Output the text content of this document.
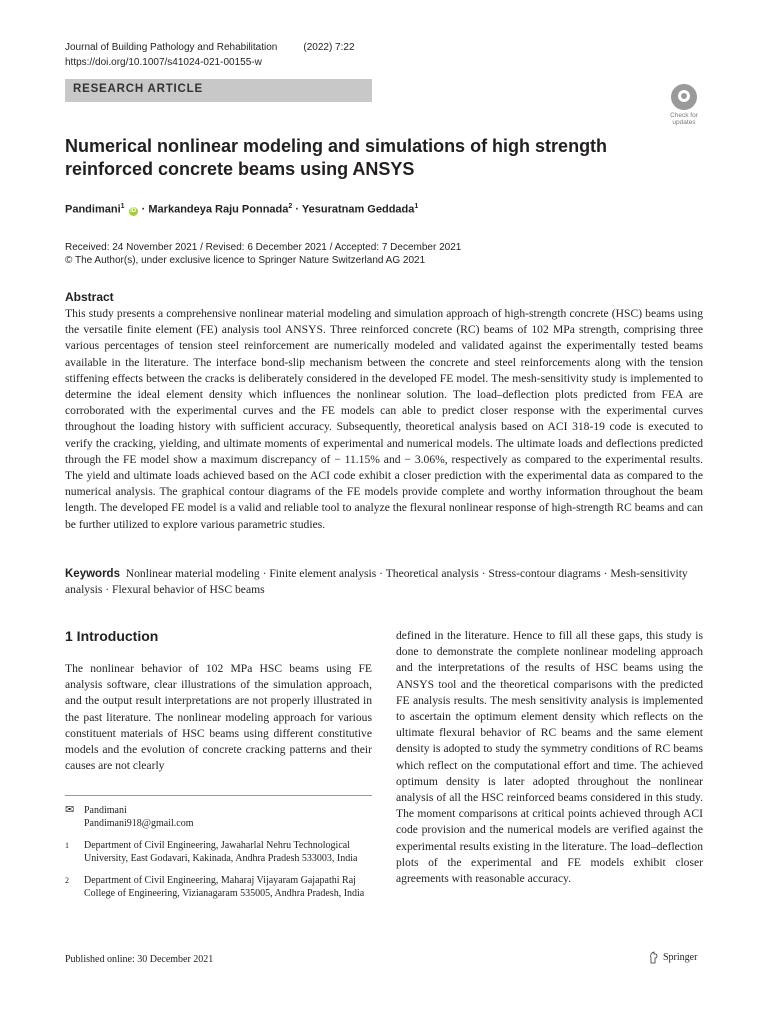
Journal of Building Pathology and Rehabilitation	(2022) 7:22
https://doi.org/10.1007/s41024-021-00155-w
RESEARCH ARTICLE
Check for updates
Numerical nonlinear modeling and simulations of high strength reinforced concrete beams using ANSYS
Pandimani$^1$ iD · Markandeya Raju Ponnada$^2$ · Yesuratnam Geddada$^1$
Received: 24 November 2021 / Revised: 6 December 2021 / Accepted: 7 December 2021
© The Author(s), under exclusive licence to Springer Nature Switzerland AG 2021
Abstract
This study presents a comprehensive nonlinear material modeling and simulation approach of high-strength concrete (HSC) beams using the versatile finite element (FE) analysis tool ANSYS. Three reinforced concrete (RC) beams of 102 MPa strength, comprising three various percentages of tension steel reinforcement are numerically modeled and validated against the experimentally tested beams available in the literature. The interface bond-slip mechanism between the concrete and steel reinforcements along with the tension stiffening effects between the cracks is deliberately considered in the developed FE model. The mesh-sensitivity study is implemented to determine the ideal element density which influences the nonlinear solution. The load–deflection plots predicted from FEA are corroborated with the experimental curves and the FE models can able to predict closer response with the experimental curves throughout the loading history with sufficient accuracy. Subsequently, theoretical analysis based on ACI 318-19 code is executed to verify the cracking, yielding, and ultimate moments of experimental and numerical models. The ultimate loads and deflections predicted through the FE model show a maximum discrepancy of − 11.15% and − 3.06%, respectively as compared to the experimental results. The yield and ultimate loads achieved based on the ACI code exhibit a closer prediction with the experimental data as compared to the numerical analysis. The graphical contour diagrams of the FE models provide complete and worthy information throughout the beam length. The developed FE model is a valid and reliable tool to analyze the flexural nonlinear response of high-strength RC beams and can be further utilized to explore various parametric studies.
Keywords Nonlinear material modeling · Finite element analysis · Theoretical analysis · Stress-contour diagrams · Mesh-sensitivity analysis · Flexural behavior of HSC beams
1 Introduction
The nonlinear behavior of 102 MPa HSC beams using FE analysis software, clear illustrations of the simulation approach, and the output result interpretations are not properly illustrated in the past literature. The nonlinear modeling approach for various constituent materials of HSC beams using different constitutive models and the evolution of concrete cracking patterns and their causes are not clearly
defined in the literature. Hence to fill all these gaps, this study is done to demonstrate the complete nonlinear modeling approach and the interpretations of the results of HSC beams using the ANSYS tool and the theoretical comparisons with the predicted FE analysis results. The mesh sensitivity analysis is implemented to ascertain the optimum element density which reflects on the ultimate flexural behavior of RC beams and the same element density is adopted to study the symmetry conditions of RC beams which reflect on the computational effort and time. The achieved optimum density is later adopted throughout the nonlinear analysis of all the HSC reinforced beams considered in this study. The moment comparisons at critical points achieved through ACI code provision and the numerical models are verified against the experimental results existing in the literature. The load–deflection plots of the experimental and FE models exhibit closer agreements with reasonable accuracy.
✉ Pandimani
Pandimani918@gmail.com
1	Department of Civil Engineering, Jawaharlal Nehru Technological University, East Godavari, Kakinada, Andhra Pradesh 533003, India
2	Department of Civil Engineering, Maharaj Vijayaram Gajapathi Raj College of Engineering, Vizianagaram 535005, Andhra Pradesh, India
Published online: 30 December 2021	Springer
